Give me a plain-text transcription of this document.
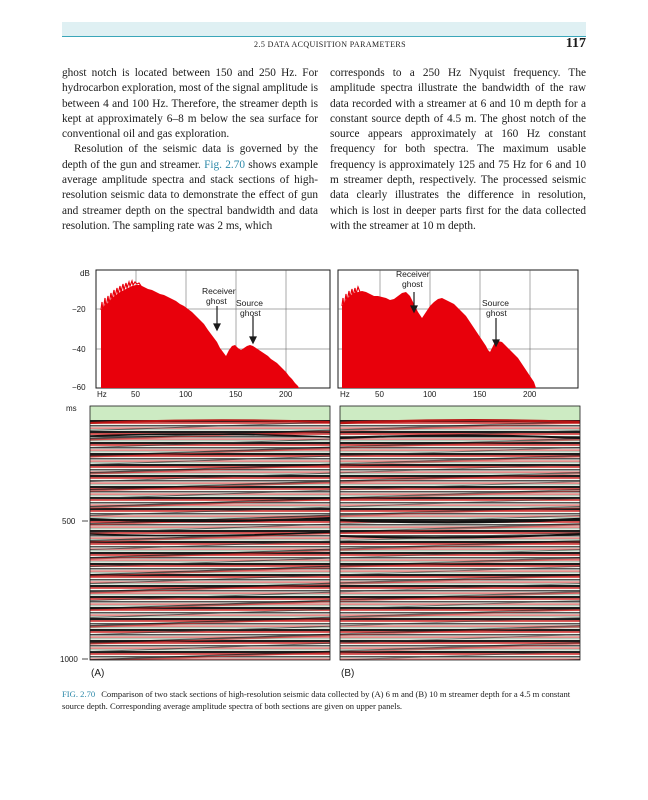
2.5 DATA ACQUISITION PARAMETERS	117

ghost notch is located between 150 and 250 Hz. For hydrocarbon exploration, most of the signal amplitude is between 4 and 100 Hz. Therefore, the streamer depth is kept at approximately 6–8 m below the sea surface for conventional oil and gas exploration.

Resolution of the seismic data is governed by the depth of the gun and streamer. Fig. 2.70 shows example average amplitude spectra and stack sections of high-resolution seismic data to demonstrate the effect of gun and streamer depth on the spectral bandwidth and data resolution. The sampling rate was 2 ms, which

corresponds to a 250 Hz Nyquist frequency. The amplitude spectra illustrate the bandwidth of the raw data recorded with a streamer at 6 and 10 m depth for a constant source depth of 4.5 m. The ghost notch of the source appears approximately at 160 Hz constant frequency for both spectra. The maximum usable frequency is approximately 125 and 75 Hz for 6 and 10 m streamer depth, respectively. The processed seismic data clearly illustrates the difference in resolution, which is lost in deeper parts first for the data collected with the streamer at 10 m depth.

Receiver
ghost Source
ghost
Receiver
ghost
Source
ghost
dB
−20
−40
−60
Hz	50	100	150	200	Hz	50	100	150	200
ms
500
1000
(A)	(B)
FIG. 2.70 Comparison of two stack sections of high-resolution seismic data collected by (A) 6 m and (B) 10 m streamer depth for a 4.5 m constant source depth. Corresponding average amplitude spectra of both sections are given on upper panels.
